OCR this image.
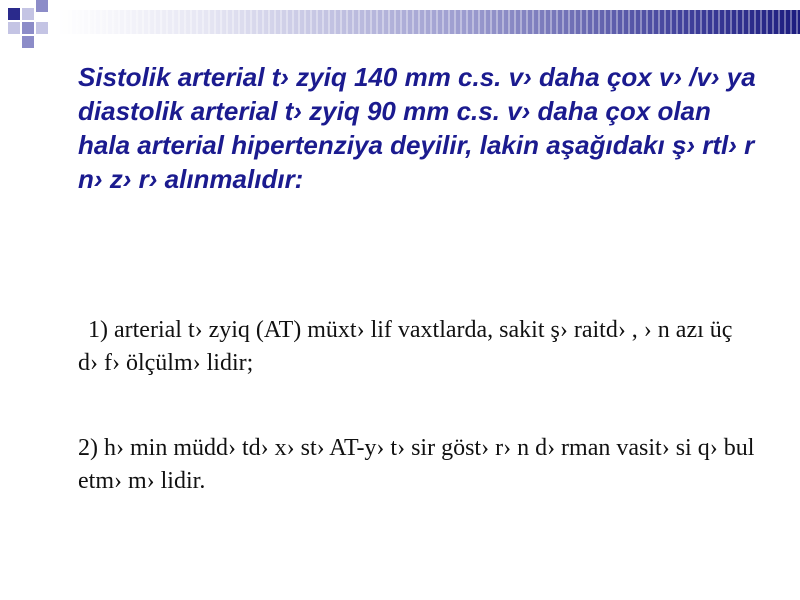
Sistolik arterial t› zyiq 140 mm c.s. v› daha çox v› /v› ya diastolik arterial t› zyiq 90 mm c.s. v› daha çox olan hala arterial hipertenziya deyilir, lakin aşağıdakı ş› rtl› r n› z› r› alınmalıdır:
1) arterial t› zyiq (AT) müxt› lif vaxtlarda, sakit ş› raitd› , › n azı üç d› f› ölçülm› lidir;
2) h› min müdd› td› x› st› AT-y› t› sir göst› r› n d› rman vasit› si q› bul etm› m› lidir.
